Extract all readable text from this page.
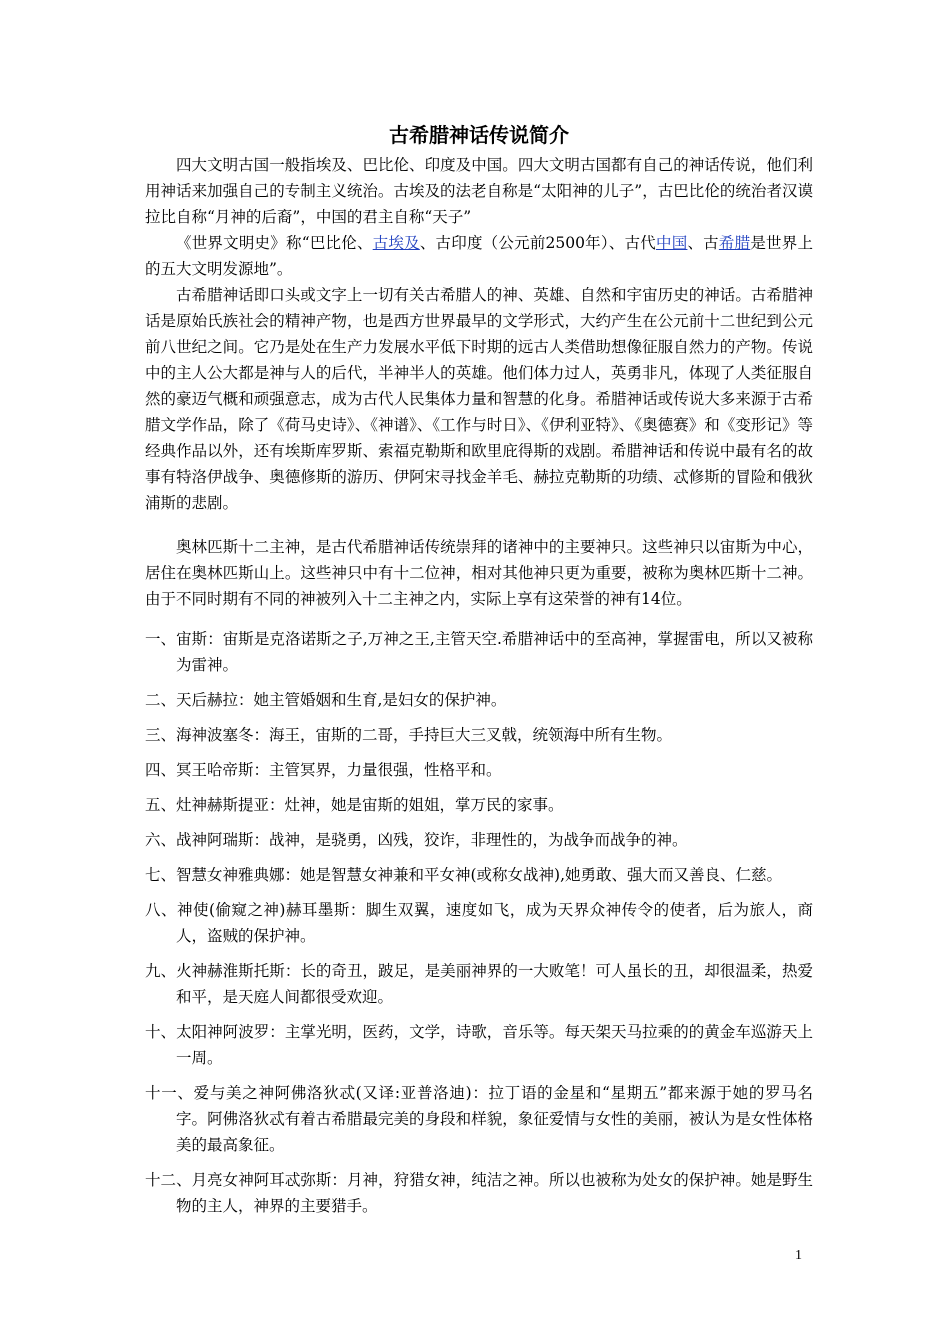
古希腊神话传说简介

四大文明古国一般指埃及、巴比伦、印度及中国。四大文明古国都有自己的神话传说，他们利用神话来加强自己的专制主义统治。古埃及的法老自称是“太阳神的儿子”，古巴比伦的统治者汉谟拉比自称“月神的后裔”，中国的君主自称“天子”

《世界文明史》称“巴比伦、古埃及、古印度（公元前2500年）、古代中国、古希腊是世界上的五大文明发源地”。

古希腊神话即口头或文字上一切有关古希腊人的神、英雄、自然和宇宙历史的神话。古希腊神话是原始氏族社会的精神产物，也是西方世界最早的文学形式，大约产生在公元前十二世纪到公元前八世纪之间。它乃是处在生产力发展水平低下时期的远古人类借助想像征服自然力的产物。传说中的主人公大都是神与人的后代，半神半人的英雄。他们体力过人，英勇非凡，体现了人类征服自然的豪迈气概和顽强意志，成为古代人民集体力量和智慧的化身。希腊神话或传说大多来源于古希腊文学作品，除了《荷马史诗》、《神谱》、《工作与时日》、《伊利亚特》、《奥德赛》和《变形记》等经典作品以外，还有埃斯库罗斯、索福克勒斯和欧里庇得斯的戏剧。希腊神话和传说中最有名的故事有特洛伊战争、奥德修斯的游历、伊阿宋寻找金羊毛、赫拉克勒斯的功绩、忒修斯的冒险和俄狄浦斯的悲剧。

奥林匹斯十二主神，是古代希腊神话传统崇拜的诸神中的主要神只。这些神只以宙斯为中心，居住在奥林匹斯山上。这些神只中有十二位神，相对其他神只更为重要，被称为奥林匹斯十二神。由于不同时期有不同的神被列入十二主神之内，实际上享有这荣誉的神有14位。

一、宙斯：宙斯是克洛诺斯之子,万神之王,主管天空.希腊神话中的至高神，掌握雷电，所以又被称为雷神。

二、天后赫拉：她主管婚姻和生育,是妇女的保护神。

三、海神波塞冬：海王，宙斯的二哥，手持巨大三叉戟，统领海中所有生物。

四、冥王哈帝斯：主管冥界，力量很强，性格平和。

五、灶神赫斯提亚：灶神，她是宙斯的姐姐，掌万民的家事。

六、战神阿瑞斯：战神，是骁勇，凶残，狡诈，非理性的，为战争而战争的神。

七、智慧女神雅典娜：她是智慧女神兼和平女神(或称女战神),她勇敢、强大而又善良、仁慈。

八、神使(偷窥之神)赫耳墨斯：脚生双翼，速度如飞，成为天界众神传令的使者，后为旅人，商人，盗贼的保护神。

九、火神赫淮斯托斯：长的奇丑，跛足，是美丽神界的一大败笔！可人虽长的丑，却很温柔，热爱和平，是天庭人间都很受欢迎。

十、太阳神阿波罗：主掌光明，医药，文学，诗歌，音乐等。每天架天马拉乘的的黄金车巡游天上一周。

十一、爱与美之神阿佛洛狄忒(又译:亚普洛迪)：拉丁语的金星和“星期五”都来源于她的罗马名字。阿佛洛狄忒有着古希腊最完美的身段和样貌，象征爱情与女性的美丽，被认为是女性体格美的最高象征。

十二、月亮女神阿耳忒弥斯：月神，狩猎女神，纯洁之神。所以也被称为处女的保护神。她是野生物的主人，神界的主要猎手。

1
